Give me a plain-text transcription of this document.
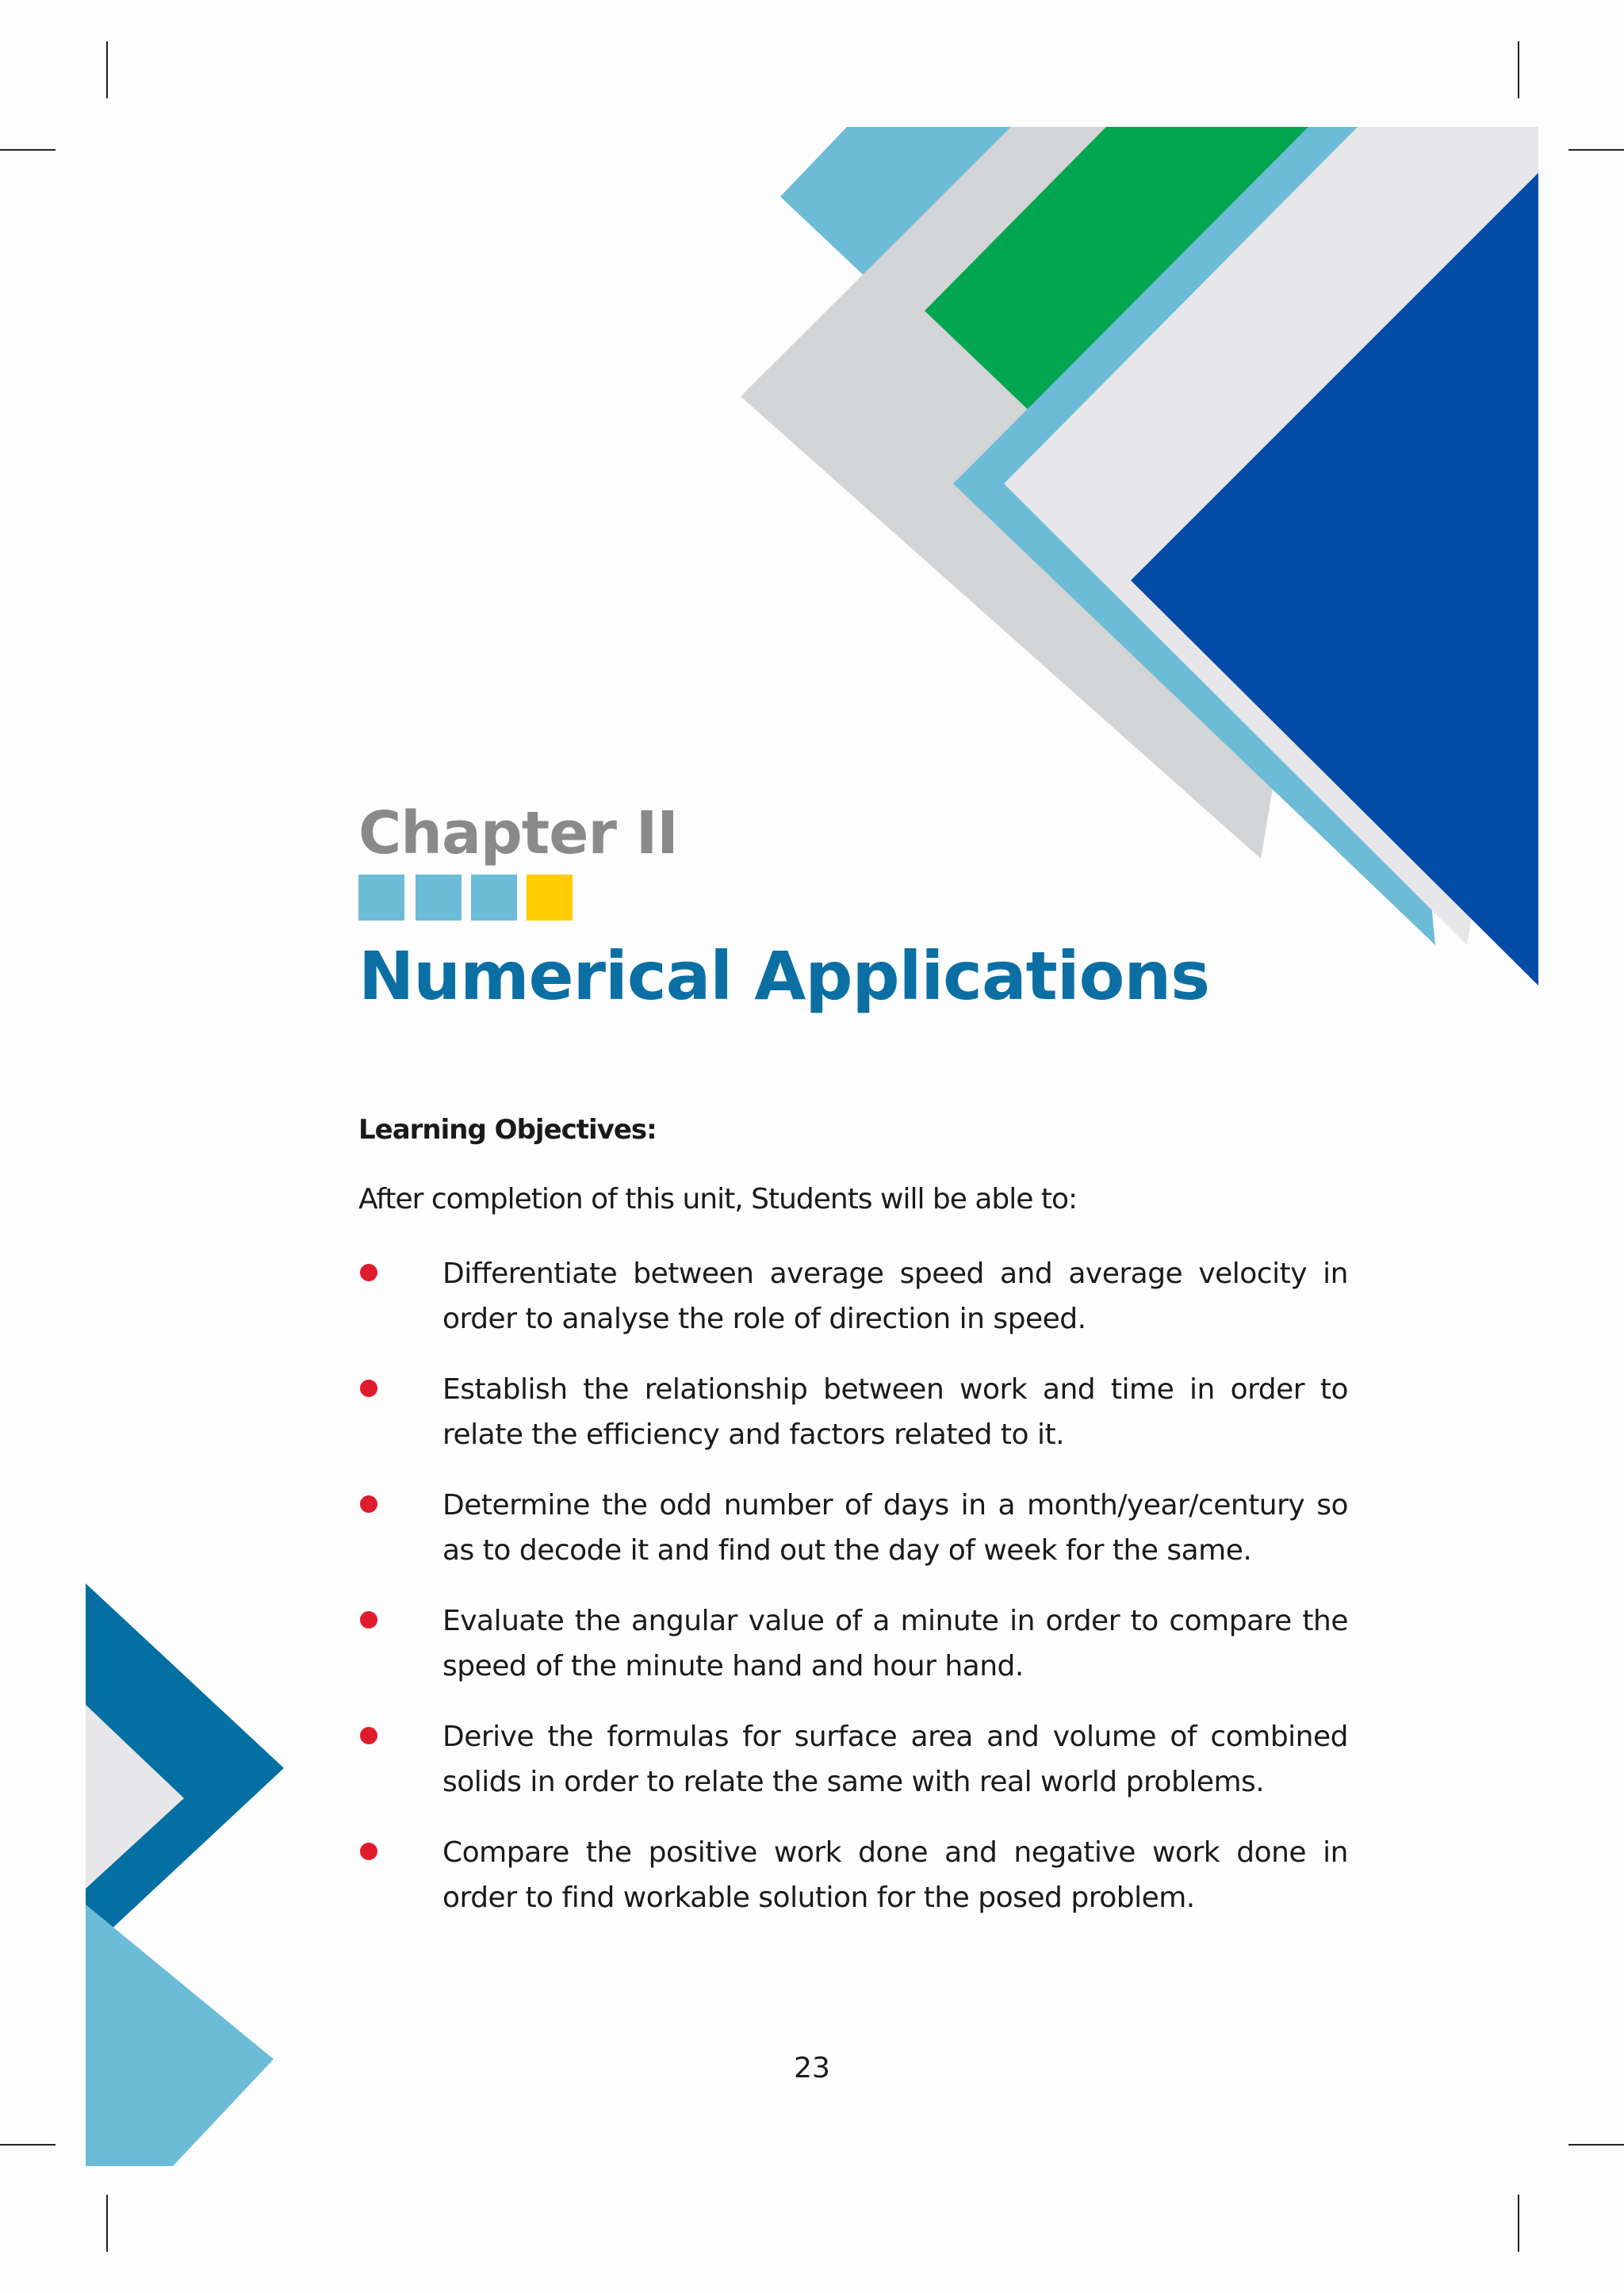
Chapter II
Numerical Applications
Learning Objectives:
After completion of this unit, Students will be able to:

Differentiate between average speed and average velocity in order to analyse the role of direction in speed.

Establish the relationship between work and time in order to relate the efficiency and factors related to it.

Determine the odd number of days in a month/year/century so as to decode it and find out the day of week for the same.

Evaluate the angular value of a minute in order to compare the speed of the minute hand and hour hand.

Derive the formulas for surface area and volume of combined solids in order to relate the same with real world problems.

Compare the positive work done and negative work done in order to find workable solution for the posed problem.

23
